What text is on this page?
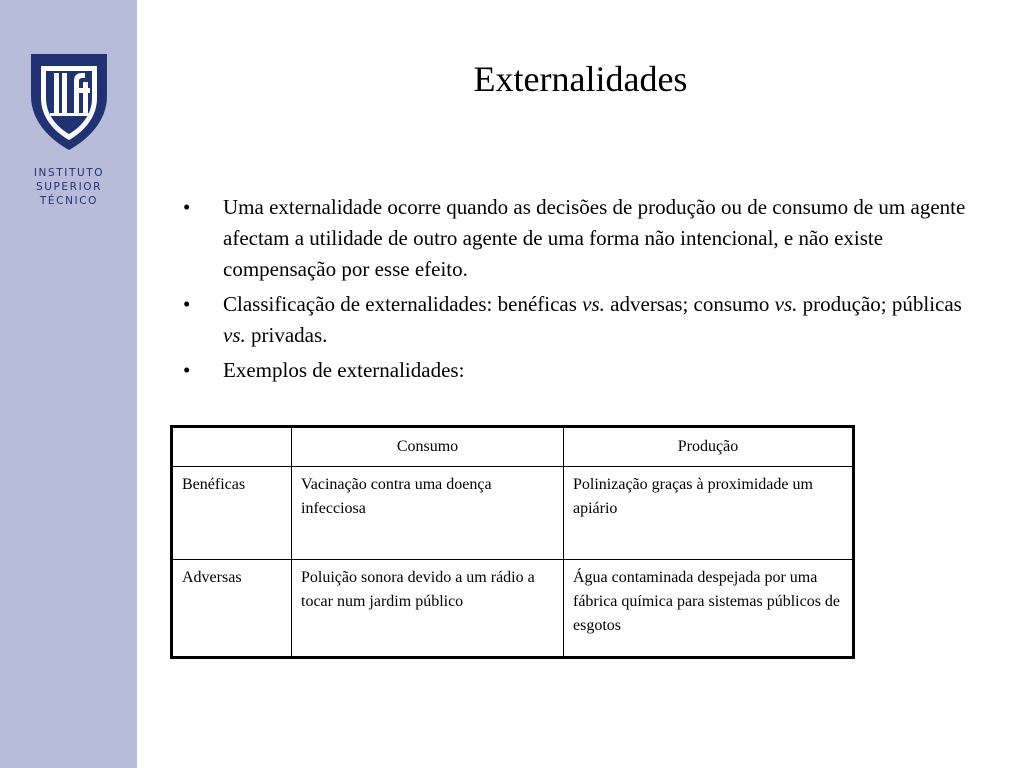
INSTITUTO
SUPERIOR
TÉCNICO
Externalidades
• Uma externalidade ocorre quando as decisões de produção ou de consumo de um agente afectam a utilidade de outro agente de uma forma não intencional, e não existe compensação por esse efeito.
• Classificação de externalidades: benéficas vs. adversas; consumo vs. produção; públicas vs. privadas.
• Exemplos de externalidades:
	Consumo	Produção
Benéficas	Vacinação contra uma doença infecciosa	Polinização graças à proximidade um apiário
Adversas	Poluição sonora devido a um rádio a tocar num jardim público	Água contaminada despejada por uma fábrica química para sistemas públicos de esgotos
